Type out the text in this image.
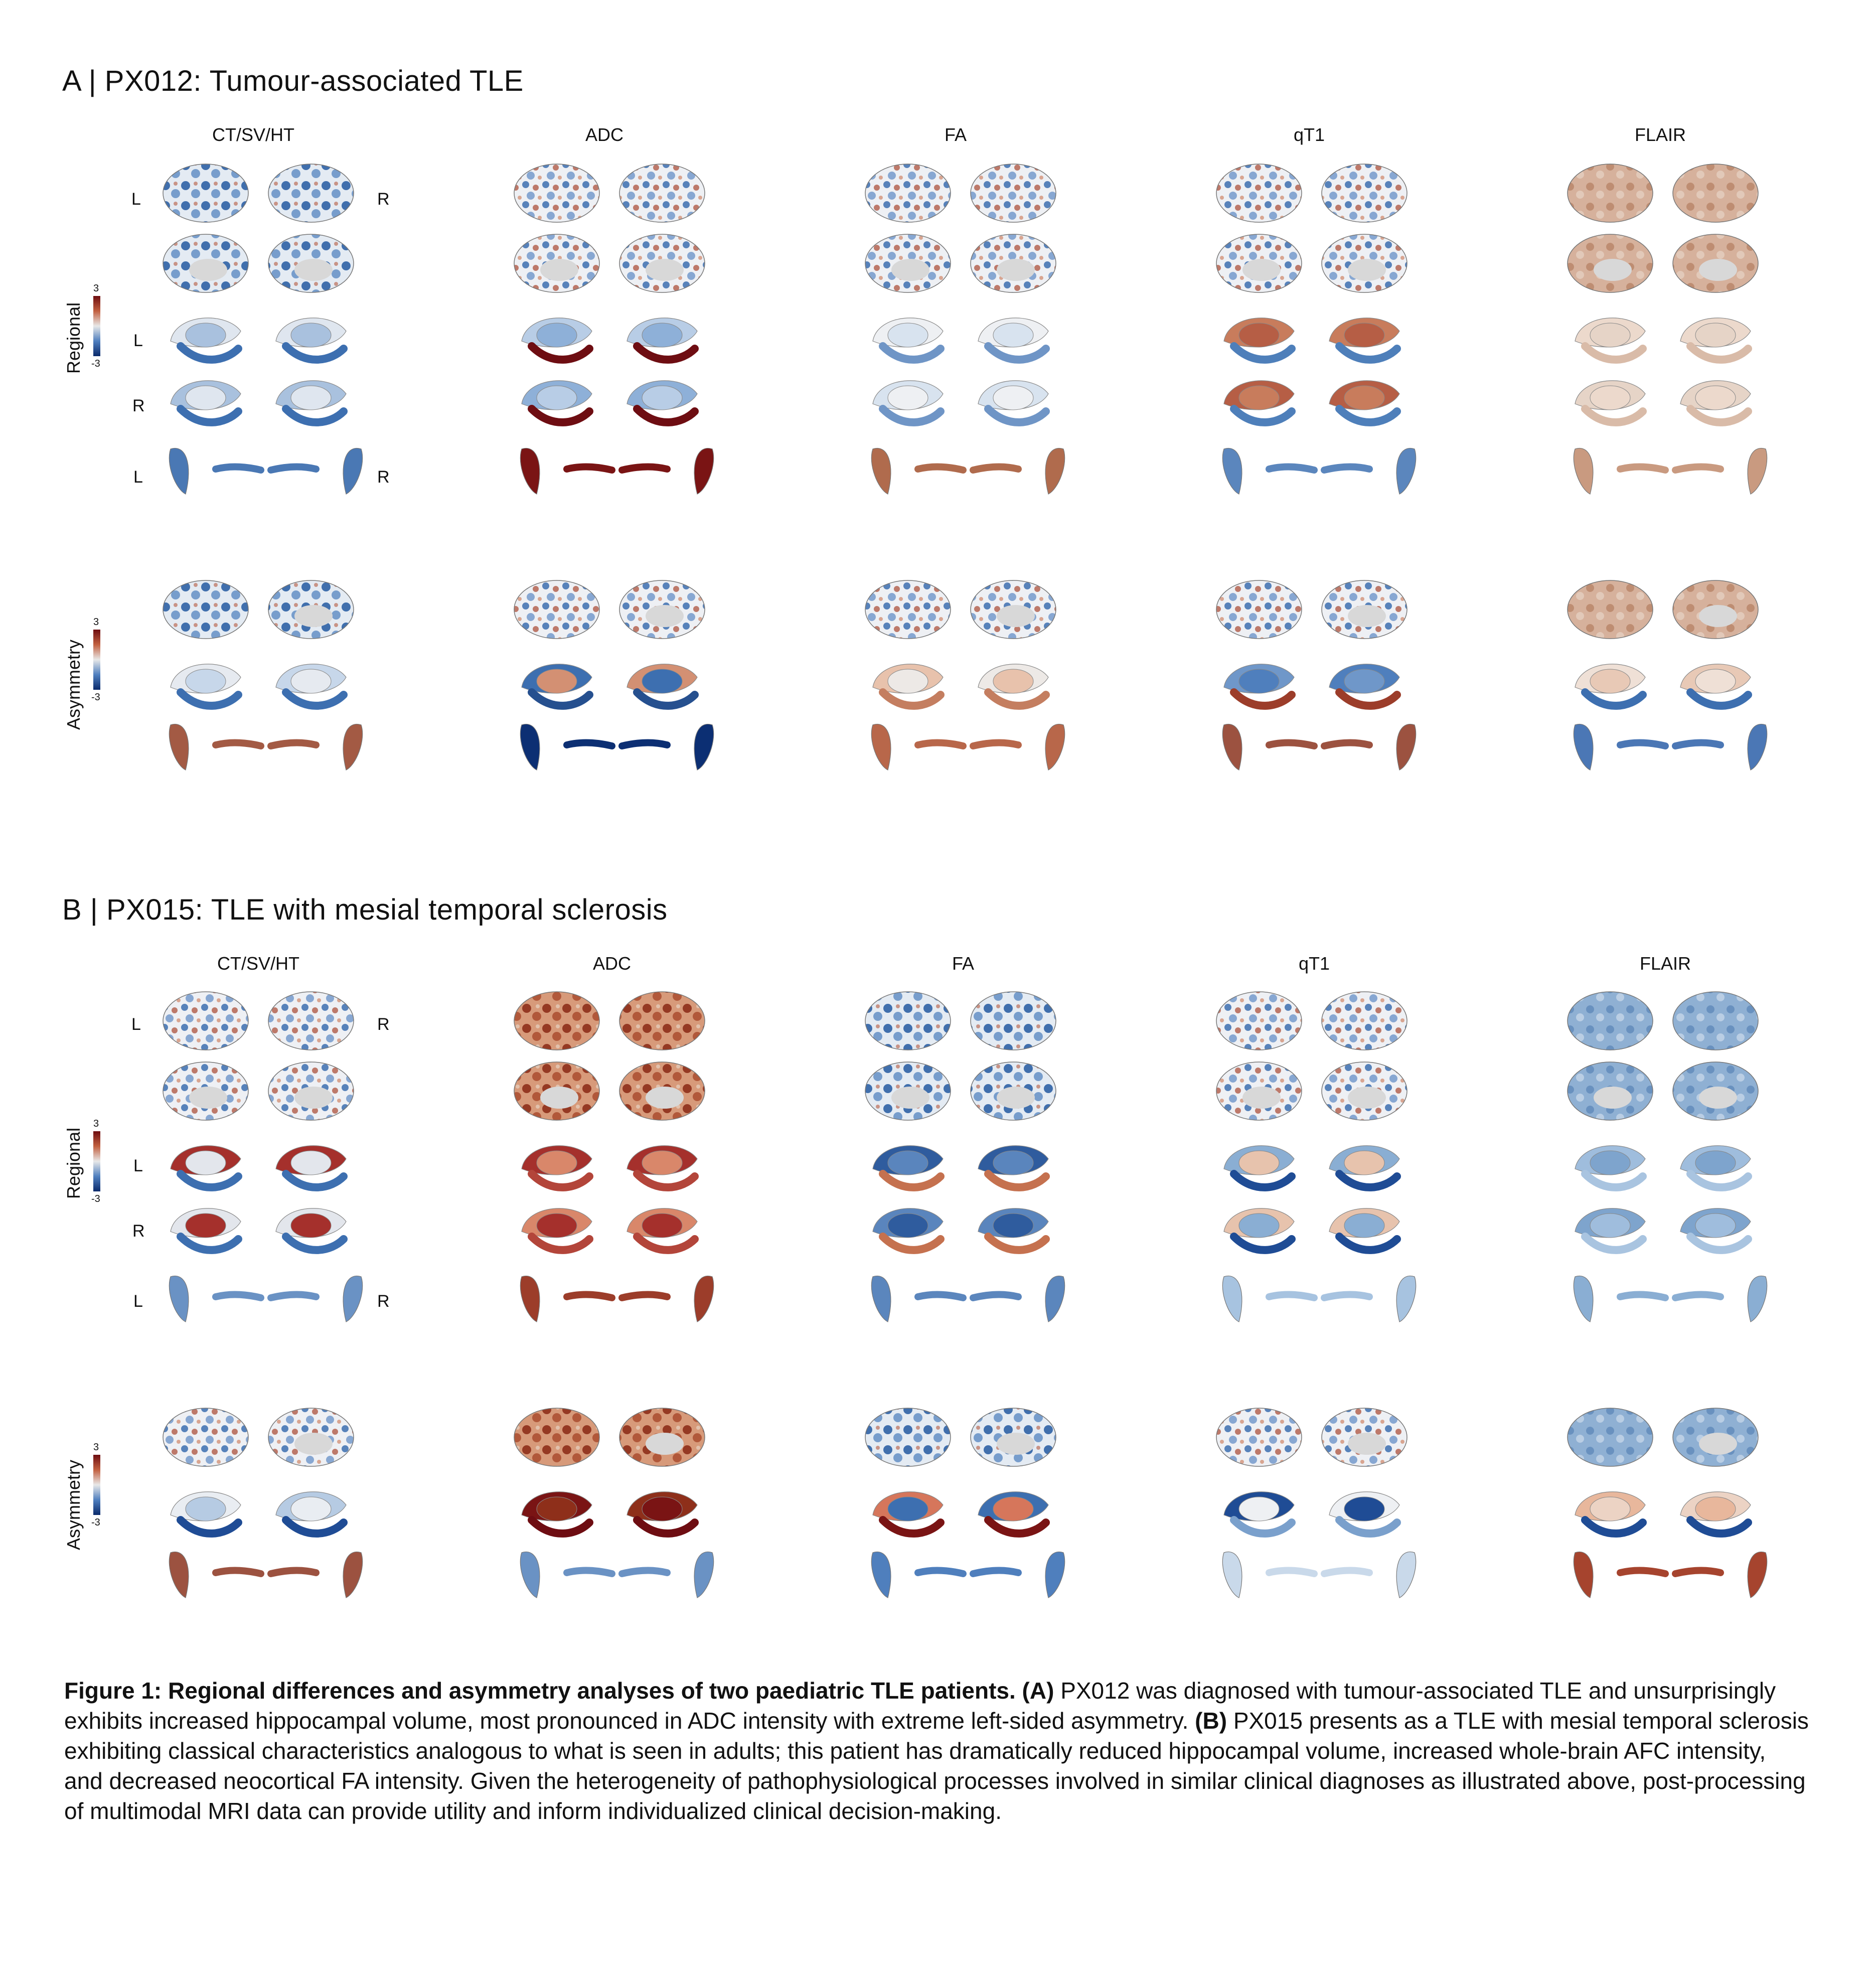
A | PX012: Tumour-associated TLE
CT/SV/HT	ADC	FA	qT1	FLAIR
L	R
L
R
L	R
Regional
Asymmetry
-3
3
-3
3
B | PX015: TLE with mesial temporal sclerosis
CT/SV/HT	ADC	FA	qT1	FLAIR
L	R
L
R
L	R
Regional
Asymmetry
-3
3
-3
3
Figure 1: Regional differences and asymmetry analyses of two paediatric TLE patients. (A) PX012 was diagnosed with tumour-associated TLE and unsurprisingly exhibits increased hippocampal volume, most pronounced in ADC intensity with extreme left-sided asymmetry. (B) PX015 presents as a TLE with mesial temporal sclerosis exhibiting classical characteristics analogous to what is seen in adults; this patient has dramatically reduced hippocampal volume, increased whole-brain AFC intensity, and decreased neocortical FA intensity. Given the heterogeneity of pathophysiological processes involved in similar clinical diagnoses as illustrated above, post-processing of multimodal MRI data can provide utility and inform individualized clinical decision-making.
